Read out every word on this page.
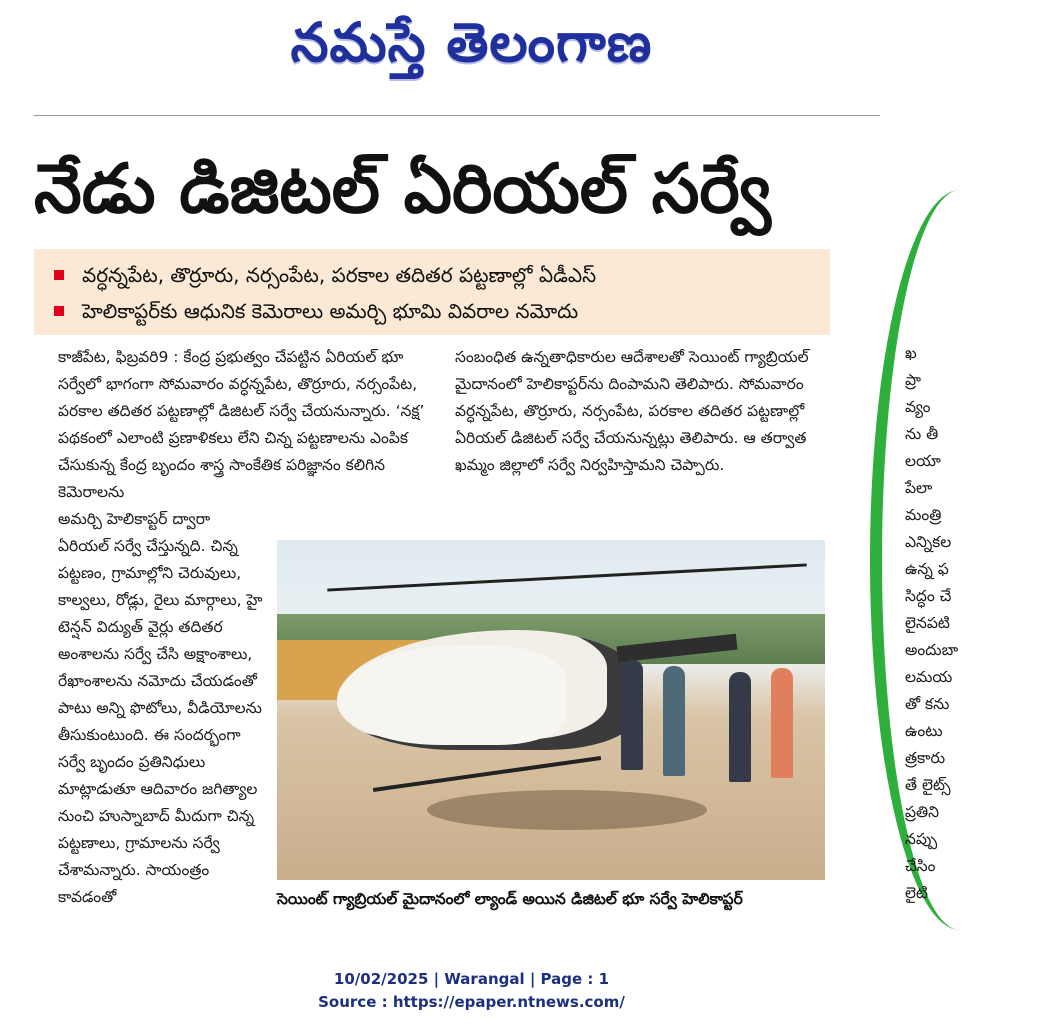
నమస్తే తెలంగాణ
నేడు డిజిటల్ ఏరియల్ సర్వే
వర్ధన్నపేట, తొర్రూరు, నర్సంపేట, పరకాల తదితర పట్టణాల్లో ఏడీఎస్
హెలికాప్టర్‌కు ఆధునిక కెమెరాలు అమర్చి భూమి వివరాల నమోదు

కాజీపేట, ఫిబ్రవరి9 : కేంద్ర ప్రభుత్వం చేపట్టిన ఏరియల్ భూ సర్వేలో భాగంగా సోమవారం వర్ధన్నపేట, తొర్రూరు, నర్సంపేట, పరకాల తదితర పట్టణాల్లో డిజిటల్ సర్వే చేయనున్నారు. ‘నక్ష’ పథకంలో ఎలాంటి ప్రణాళికలు లేని చిన్న పట్టణాలను ఎంపిక చేసుకున్న కేంద్ర బృందం శాస్త్ర సాంకేతిక పరిజ్ఞానం కలిగిన కెమెరాలను

అమర్చి హెలికాప్టర్ ద్వారా ఏరియల్ సర్వే చేస్తున్నది. చిన్న పట్టణం, గ్రామాల్లోని చెరువులు, కాల్వలు, రోడ్లు, రైలు మార్గాలు, హై టెన్షన్ విద్యుత్ వైర్లు తదితర అంశాలను సర్వే చేసి అక్షాంశాలు, రేఖాంశాలను నమోదు చేయడంతో పాటు అన్ని ఫొటోలు, వీడియోలను తీసుకుంటుంది. ఈ సందర్భంగా సర్వే బృందం ప్రతినిధులు మాట్లాడుతూ ఆదివారం జగిత్యాల నుంచి హుస్నాబాద్ మీదుగా చిన్న పట్టణాలు, గ్రామాలను సర్వే చేశామన్నారు. సాయంత్రం కావడంతో

సంబంధిత ఉన్నతాధికారుల ఆదేశాలతో సెయింట్ గ్యాబ్రియల్ మైదానంలో హెలికాప్టర్‌ను దింపామని తెలిపారు. సోమవారం వర్ధన్నపేట, తొర్రూరు, నర్సంపేట, పరకాల తదితర పట్టణాల్లో ఏరియల్ డిజిటల్ సర్వే చేయనున్నట్లు తెలిపారు. ఆ తర్వాత ఖమ్మం జిల్లాలో సర్వే నిర్వహిస్తామని చెప్పారు.

సెయింట్ గ్యాబ్రియల్ మైదానంలో ల్యాండ్ అయిన డిజిటల్ భూ సర్వే హెలికాప్టర్
ఖ
ప్రా
వ్యం
ను తీ
లయా
పేలా
మంత్రి
ఎన్నికల
ఉన్న ఫ
సిద్ధం చే
లైనపటి
అందుబా
లమయ
తో కను
ఉంటు
త్రకారు
తే లైట్స్
ప్రతిని
నప్పు
చేసిం
లైటి
10/02/2025 | Warangal | Page : 1
Source : https://epaper.ntnews.com/
